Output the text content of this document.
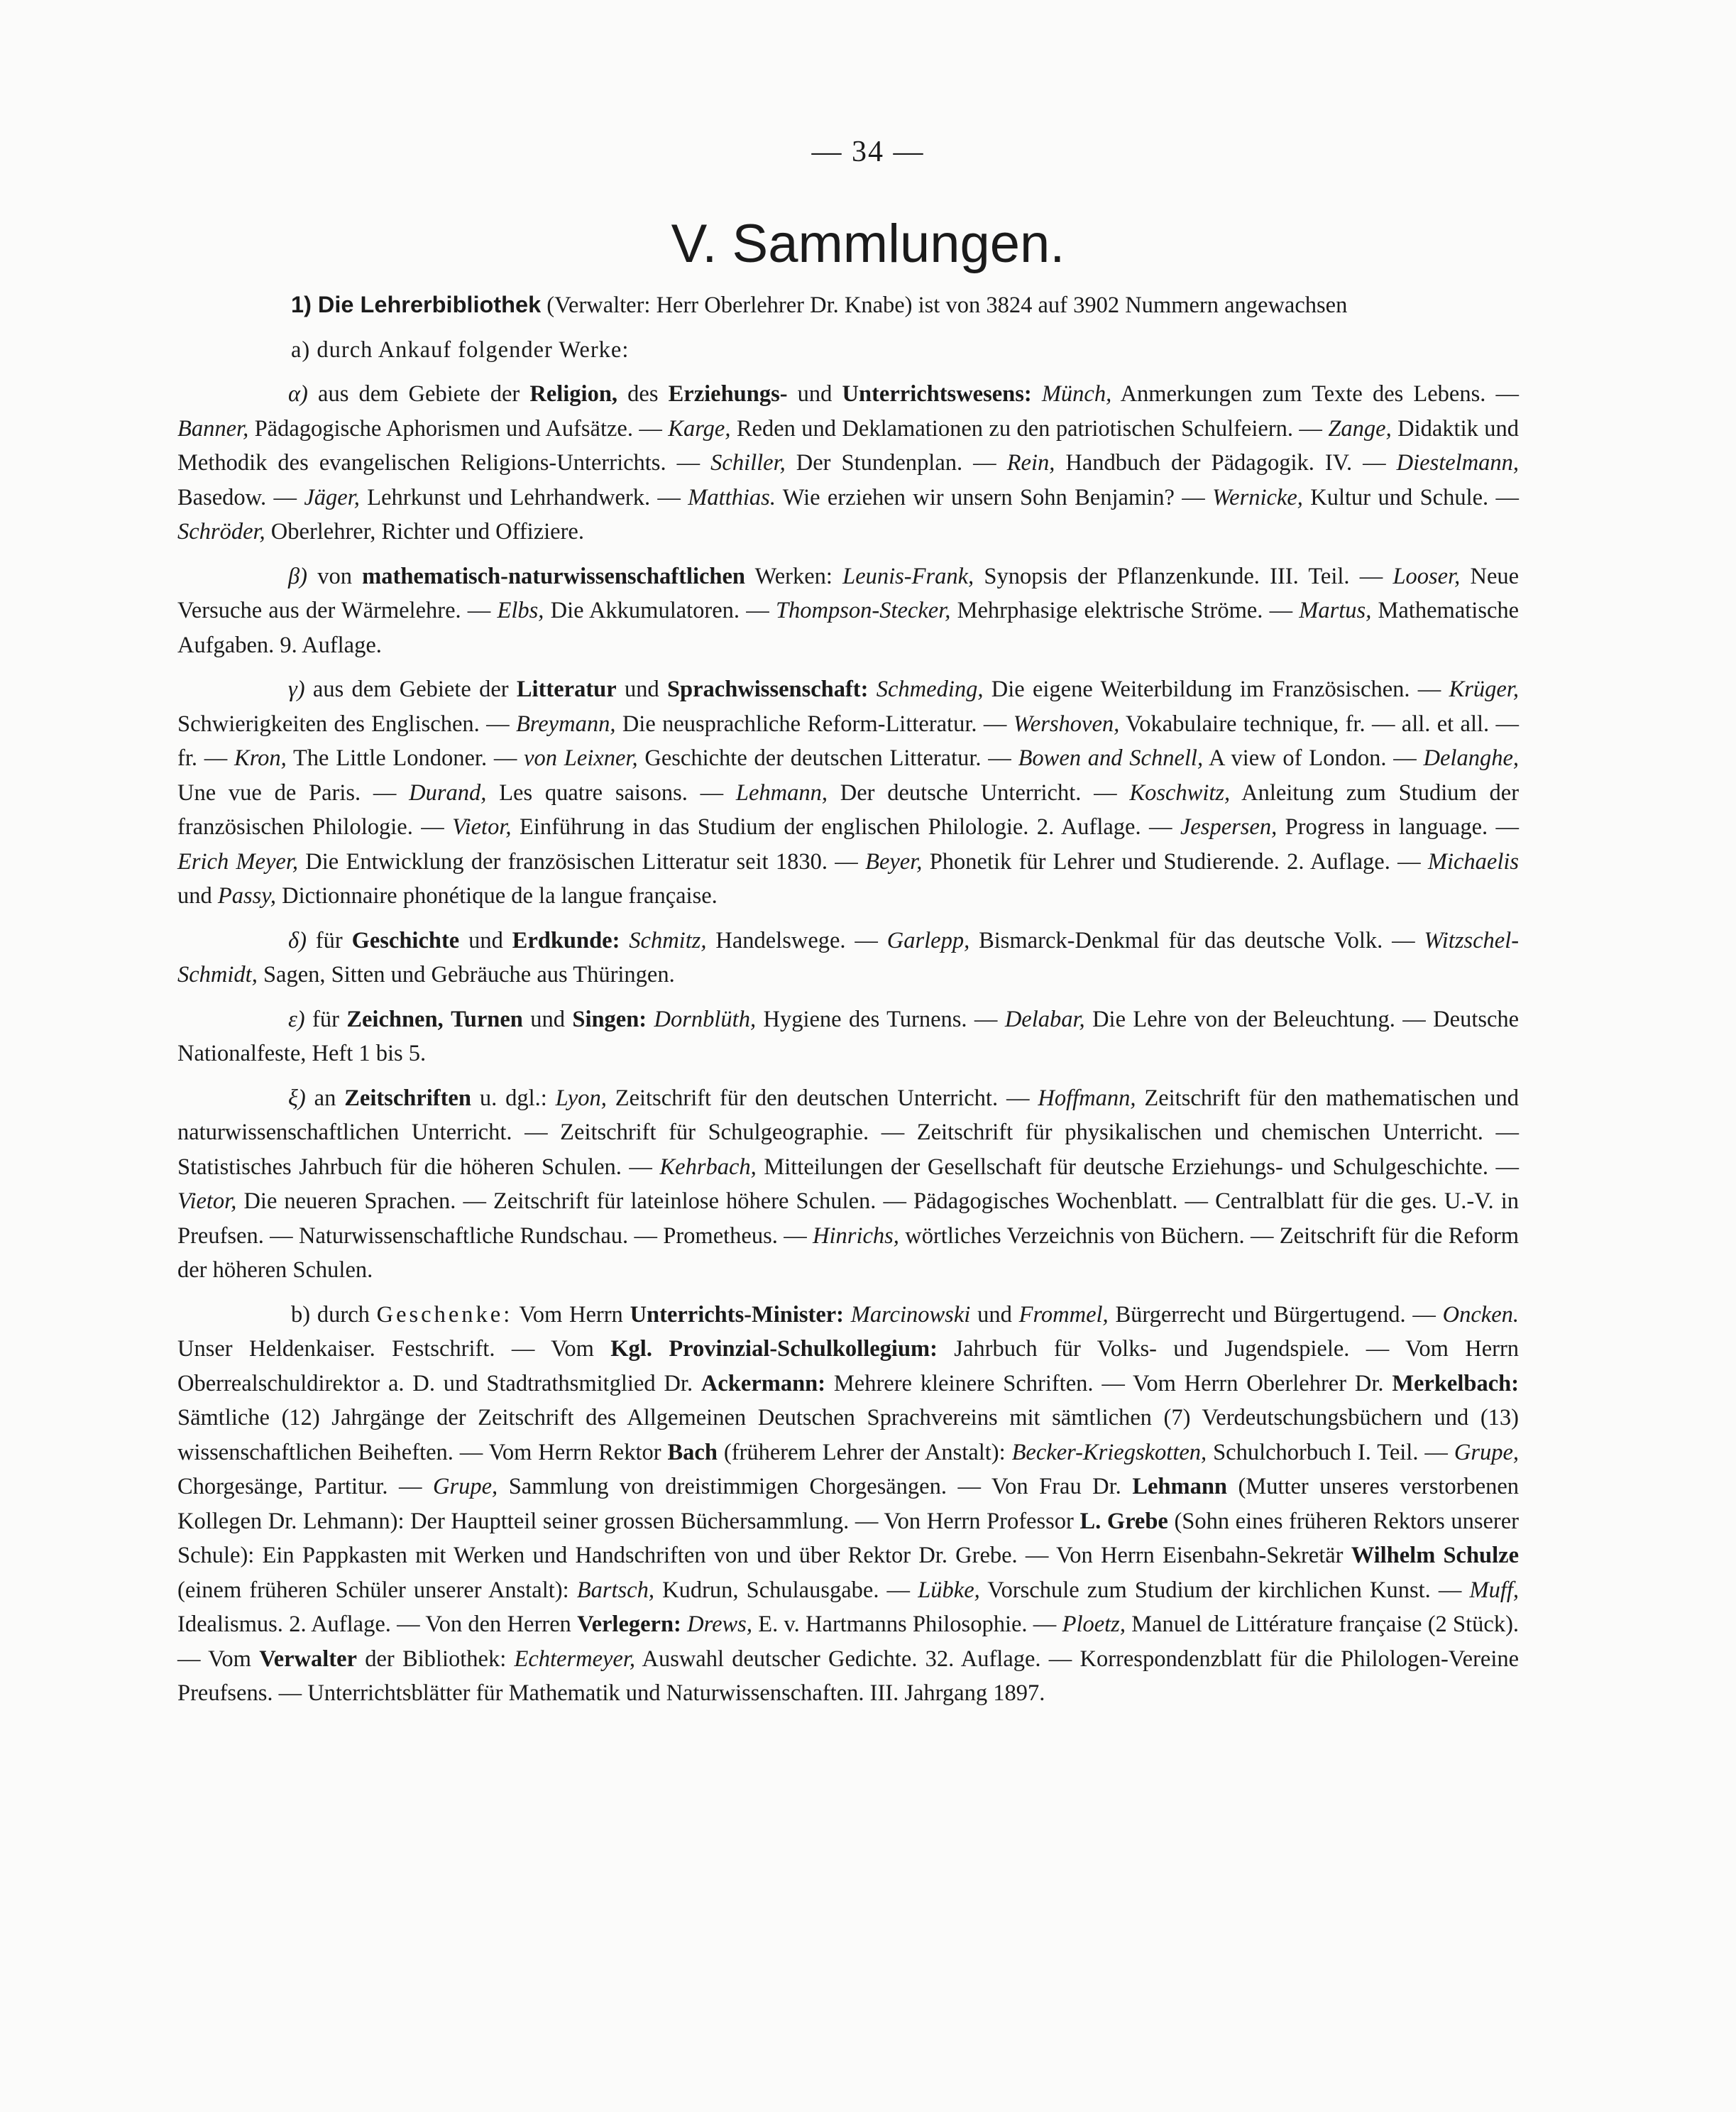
— 34 —
V. Sammlungen.

1) Die Lehrerbibliothek (Verwalter: Herr Oberlehrer Dr. Knabe) ist von 3824 auf 3902 Nummern angewachsen

a) durch Ankauf folgender Werke:

α) aus dem Gebiete der Religion, des Erziehungs- und Unterrichtswesens: Münch, Anmerkungen zum Texte des Lebens. — Banner, Pädagogische Aphorismen und Aufsätze. — Karge, Reden und Deklamationen zu den patriotischen Schulfeiern. — Zange, Didaktik und Methodik des evangelischen Religions-Unterrichts. — Schiller, Der Stundenplan. — Rein, Handbuch der Pädagogik. IV. — Diestelmann, Basedow. — Jäger, Lehrkunst und Lehrhandwerk. — Matthias. Wie erziehen wir unsern Sohn Benjamin? — Wernicke, Kultur und Schule. — Schröder, Oberlehrer, Richter und Offiziere.

β) von mathematisch-naturwissenschaftlichen Werken: Leunis-Frank, Synopsis der Pflanzenkunde. III. Teil. — Looser, Neue Versuche aus der Wärmelehre. — Elbs, Die Akkumulatoren. — Thompson-Stecker, Mehrphasige elektrische Ströme. — Martus, Mathematische Aufgaben. 9. Auflage.

γ) aus dem Gebiete der Litteratur und Sprachwissenschaft: Schmeding, Die eigene Weiterbildung im Französischen. — Krüger, Schwierigkeiten des Englischen. — Breymann, Die neusprachliche Reform-Litteratur. — Wershoven, Vokabulaire technique, fr. — all. et all. — fr. — Kron, The Little Londoner. — von Leixner, Geschichte der deutschen Litteratur. — Bowen and Schnell, A view of London. — Delanghe, Une vue de Paris. — Durand, Les quatre saisons. — Lehmann, Der deutsche Unterricht. — Koschwitz, Anleitung zum Studium der französischen Philologie. — Vietor, Einführung in das Studium der englischen Philologie. 2. Auflage. — Jespersen, Progress in language. — Erich Meyer, Die Entwicklung der französischen Litteratur seit 1830. — Beyer, Phonetik für Lehrer und Studierende. 2. Auflage. — Michaelis und Passy, Dictionnaire phonétique de la langue française.

δ) für Geschichte und Erdkunde: Schmitz, Handelswege. — Garlepp, Bismarck-Denkmal für das deutsche Volk. — Witzschel-Schmidt, Sagen, Sitten und Gebräuche aus Thüringen.

ε) für Zeichnen, Turnen und Singen: Dornblüth, Hygiene des Turnens. — Delabar, Die Lehre von der Beleuchtung. — Deutsche Nationalfeste, Heft 1 bis 5.

ξ) an Zeitschriften u. dgl.: Lyon, Zeitschrift für den deutschen Unterricht. — Hoffmann, Zeitschrift für den mathematischen und naturwissenschaftlichen Unterricht. — Zeitschrift für Schulgeographie. — Zeitschrift für physikalischen und chemischen Unterricht. — Statistisches Jahrbuch für die höheren Schulen. — Kehrbach, Mitteilungen der Gesellschaft für deutsche Erziehungs- und Schulgeschichte. — Vietor, Die neueren Sprachen. — Zeitschrift für lateinlose höhere Schulen. — Pädagogisches Wochenblatt. — Centralblatt für die ges. U.-V. in Preufsen. — Naturwissenschaftliche Rundschau. — Prometheus. — Hinrichs, wörtliches Verzeichnis von Büchern. — Zeitschrift für die Reform der höheren Schulen.

b) durch Geschenke: Vom Herrn Unterrichts-Minister: Marcinowski und Frommel, Bürgerrecht und Bürgertugend. — Oncken. Unser Heldenkaiser. Festschrift. — Vom Kgl. Provinzial-Schulkollegium: Jahrbuch für Volks- und Jugendspiele. — Vom Herrn Oberrealschuldirektor a. D. und Stadtrathsmitglied Dr. Ackermann: Mehrere kleinere Schriften. — Vom Herrn Oberlehrer Dr. Merkelbach: Sämtliche (12) Jahrgänge der Zeitschrift des Allgemeinen Deutschen Sprachvereins mit sämtlichen (7) Verdeutschungsbüchern und (13) wissenschaftlichen Beiheften. — Vom Herrn Rektor Bach (früherem Lehrer der Anstalt): Becker-Kriegskotten, Schulchorbuch I. Teil. — Grupe, Chorgesänge, Partitur. — Grupe, Sammlung von dreistimmigen Chorgesängen. — Von Frau Dr. Lehmann (Mutter unseres verstorbenen Kollegen Dr. Lehmann): Der Hauptteil seiner grossen Büchersammlung. — Von Herrn Professor L. Grebe (Sohn eines früheren Rektors unserer Schule): Ein Pappkasten mit Werken und Handschriften von und über Rektor Dr. Grebe. — Von Herrn Eisenbahn-Sekretär Wilhelm Schulze (einem früheren Schüler unserer Anstalt): Bartsch, Kudrun, Schulausgabe. — Lübke, Vorschule zum Studium der kirchlichen Kunst. — Muff, Idealismus. 2. Auflage. — Von den Herren Verlegern: Drews, E. v. Hartmanns Philosophie. — Ploetz, Manuel de Littérature française (2 Stück). — Vom Verwalter der Bibliothek: Echtermeyer, Auswahl deutscher Gedichte. 32. Auflage. — Korrespondenzblatt für die Philologen-Vereine Preufsens. — Unterrichtsblätter für Mathematik und Naturwissenschaften. III. Jahrgang 1897.
